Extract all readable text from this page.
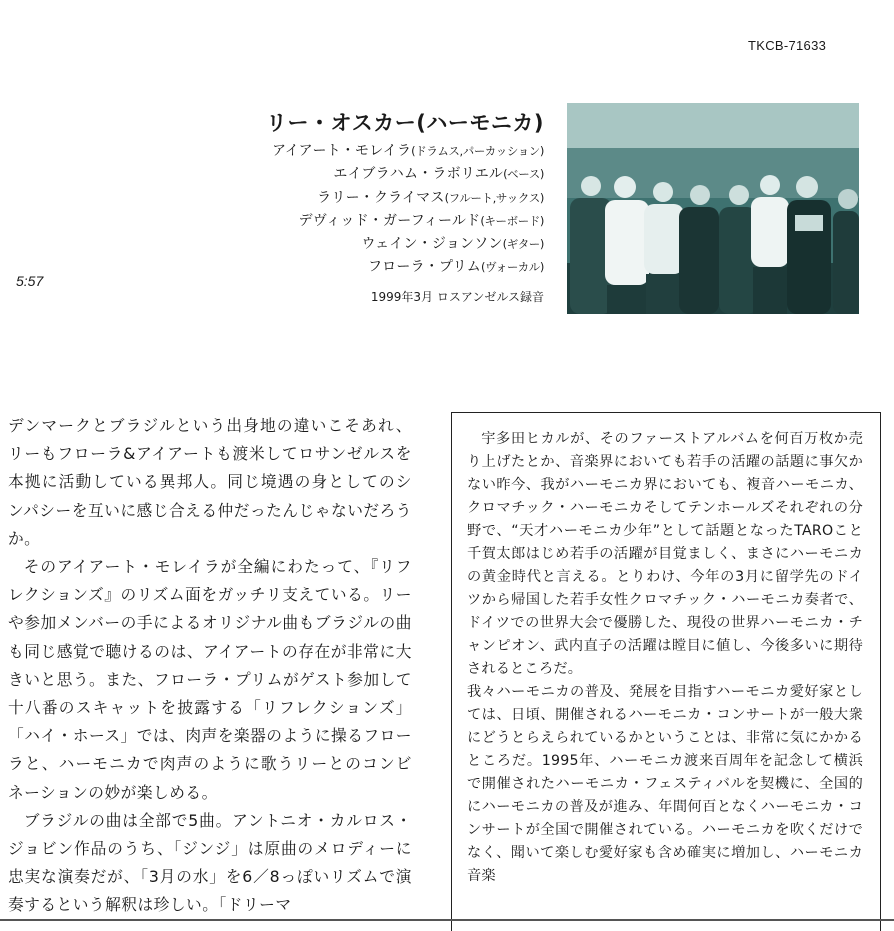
TKCB-71633
リー・オスカー(ハーモニカ)
アイアート・モレイラ(ドラムス,パーカッション)
エイブラハム・ラボリエル(ベース)
ラリー・クライマス(フルート,サックス)
デヴィッド・ガーフィールド(キーボード)
ウェイン・ジョンソン(ギター)
フローラ・プリム(ヴォーカル)
1999年3月 ロスアンゼルス録音
5:57

デンマークとブラジルという出身地の違いこそあれ、リーもフローラ&アイアートも渡米してロサンゼルスを本拠に活動している異邦人。同じ境遇の身としてのシンパシーを互いに感じ合える仲だったんじゃないだろうか。

そのアイアート・モレイラが全編にわたって、『リフレクションズ』のリズム面をガッチリ支えている。リーや参加メンバーの手によるオリジナル曲もブラジルの曲も同じ感覚で聴けるのは、アイアートの存在が非常に大きいと思う。また、フローラ・プリムがゲスト参加して十八番のスキャットを披露する「リフレクションズ」「ハイ・ホース」では、肉声を楽器のように操るフローラと、ハーモニカで肉声のように歌うリーとのコンビネーションの妙が楽しめる。

ブラジルの曲は全部で5曲。アントニオ・カルロス・ジョビン作品のうち、「ジンジ」は原曲のメロディーに忠実な演奏だが、「3月の水」を6／8っぽいリズムで演奏するという解釈は珍しい。「ドリーマ

宇多田ヒカルが、そのファーストアルバムを何百万枚か売り上げたとか、音楽界においても若手の活躍の話題に事欠かない昨今、我がハーモニカ界においても、複音ハーモニカ、クロマチック・ハーモニカそしてテンホールズそれぞれの分野で、“天才ハーモニカ少年”として話題となったTAROこと千賀太郎はじめ若手の活躍が目覚ましく、まさにハーモニカの黄金時代と言える。とりわけ、今年の3月に留学先のドイツから帰国した若手女性クロマチック・ハーモニカ奏者で、ドイツでの世界大会で優勝した、現役の世界ハーモニカ・チャンピオン、武内直子の活躍は瞠目に値し、今後多いに期待されるところだ。

我々ハーモニカの普及、発展を目指すハーモニカ愛好家としては、日頃、開催されるハーモニカ・コンサートが一般大衆にどうとらえられているかということは、非常に気にかかるところだ。1995年、ハーモニカ渡来百周年を記念して横浜で開催されたハーモニカ・フェスティバルを契機に、全国的にハーモニカの普及が進み、年間何百となくハーモニカ・コンサートが全国で開催されている。ハーモニカを吹くだけでなく、聞いて楽しむ愛好家も含め確実に増加し、ハーモニカ音楽
